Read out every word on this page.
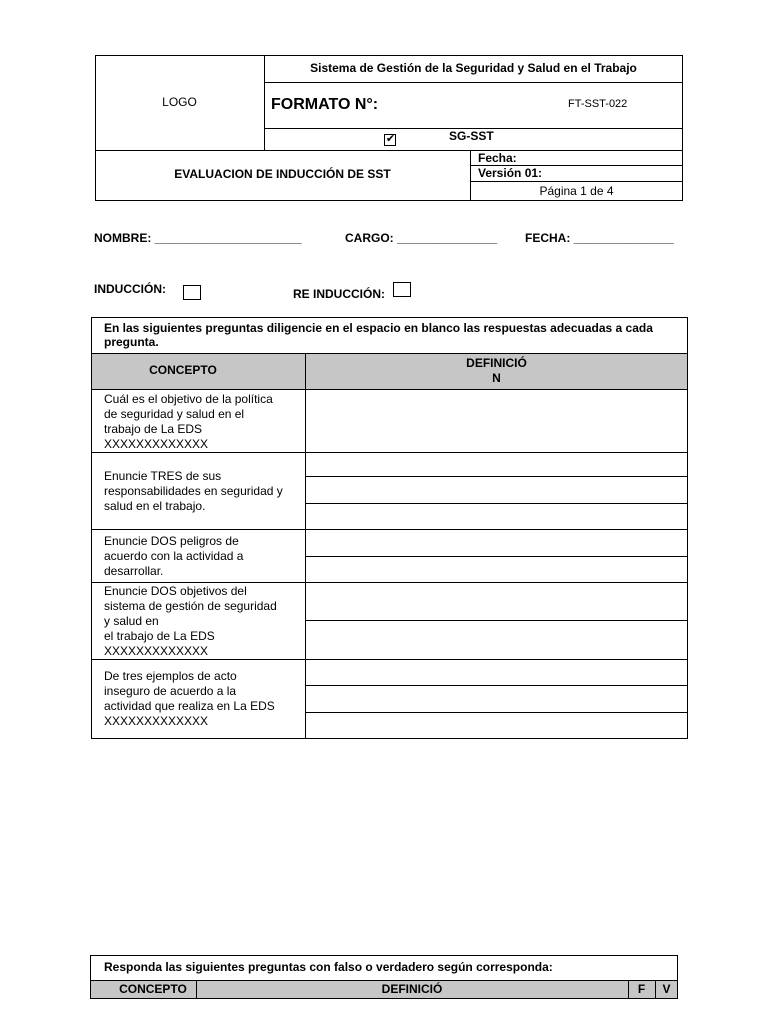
LOGO
Sistema de Gestión de la Seguridad y Salud en el Trabajo
FORMATO N°:	FT-SST-022
✔	SG-SST
EVALUACION DE INDUCCIÓN DE SST
Fecha:
Versión 01:
Página 1 de 4
NOMBRE: ______________________	CARGO: _______________ FECHA: _______________
INDUCCIÓN:	RE INDUCCIÓN:
En las siguientes preguntas diligencie en el espacio en blanco las respuestas adecuadas a cada pregunta.
CONCEPTO	DEFINICIÓ
N
Cuál es el objetivo de la política
de seguridad y salud en el
trabajo de La EDS
XXXXXXXXXXXXX
Enuncie TRES de sus
responsabilidades en seguridad y
salud en el trabajo.
Enuncie DOS peligros de
acuerdo con la actividad a
desarrollar.
Enuncie DOS objetivos del
sistema de gestión de seguridad
y salud en
el trabajo de La EDS
XXXXXXXXXXXXX
De tres ejemplos de acto
inseguro de acuerdo a la
actividad que realiza en La EDS
XXXXXXXXXXXXX
Responda las siguientes preguntas con falso o verdadero según corresponda:
CONCEPTO	DEFINICIÓ	F	V
